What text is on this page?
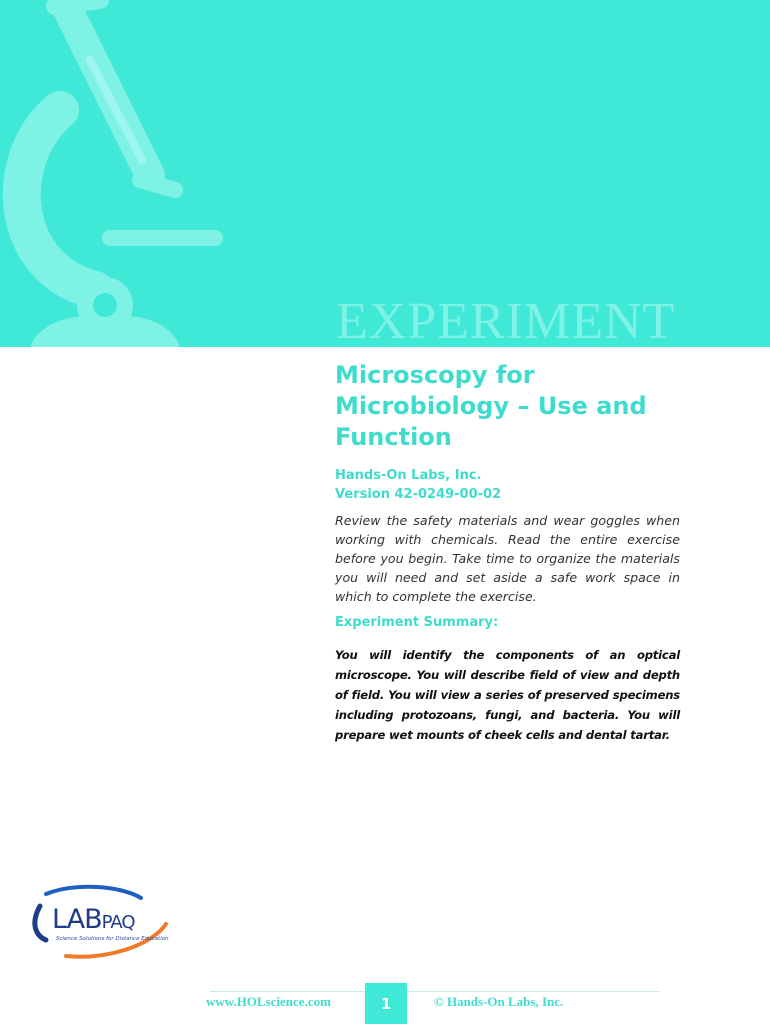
EXPERIMENT
Microscopy for Microbiology – Use and Function
Hands-On Labs, Inc.
Version 42-0249-00-02

Review the safety materials and wear goggles when working with chemicals. Read the entire exercise before you begin. Take time to organize the materials you will need and set aside a safe work space in which to complete the exercise.

Experiment Summary:

You will identify the components of an optical microscope. You will describe field of view and depth of field. You will view a series of preserved specimens including protozoans, fungi, and bacteria. You will prepare wet mounts of cheek cells and dental tartar.

LABPAQ
Science Solutions for Distance Education
www.HOLscience.com	1	© Hands-On Labs, Inc.
